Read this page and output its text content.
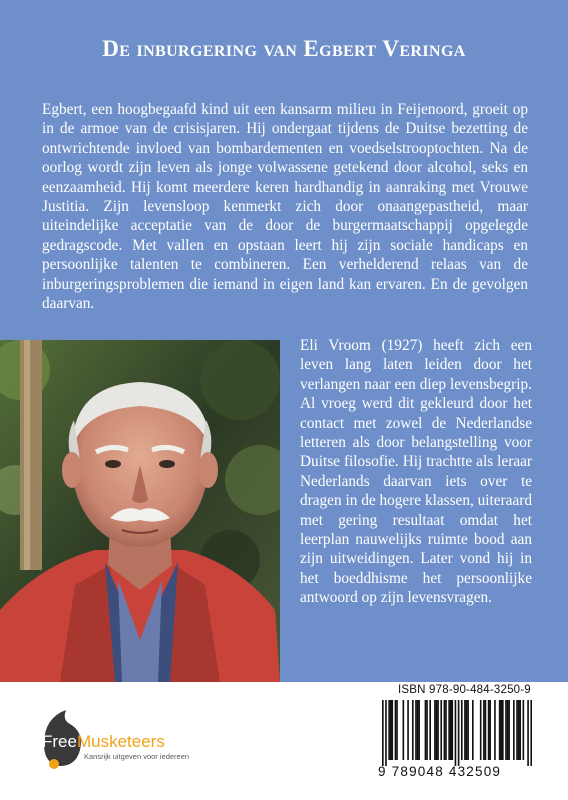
De inburgering van Egbert Veringa

Egbert, een hoogbegaafd kind uit een kansarm milieu in Feijenoord, groeit op in de armoe van de crisisjaren. Hij ondergaat tijdens de Duitse bezetting de ontwrichtende invloed van bombardementen en voedselstrooptochten. Na de oorlog wordt zijn leven als jonge volwassene getekend door alcohol, seks en eenzaamheid. Hij komt meerdere keren hardhandig in aanraking met Vrouwe Justitia. Zijn levensloop kenmerkt zich door onaangepastheid, maar uiteindelijke acceptatie van de door de burgermaatschappij opgelegde gedragscode. Met vallen en opstaan leert hij zijn sociale handicaps en persoonlijke talenten te combineren. Een verhelderend relaas van de inburgeringsproblemen die iemand in eigen land kan ervaren. En de gevolgen daarvan.

Eli Vroom (1927) heeft zich een leven lang laten leiden door het verlangen naar een diep levensbegrip. Al vroeg werd dit gekleurd door het contact met zowel de Nederlandse letteren als door belangstelling voor Duitse filosofie. Hij trachtte als leraar Nederlands daarvan iets over te dragen in de hogere klassen, uiteraard met gering resultaat omdat het leerplan nauwelijks ruimte bood aan zijn uitweidingen. Later vond hij in het boeddhisme het persoonlijke antwoord op zijn levensvragen.

FreeMusketeers
Kansrijk uitgeven voor iedereen
ISBN 978-90-484-3250-9
9 789048 432509
